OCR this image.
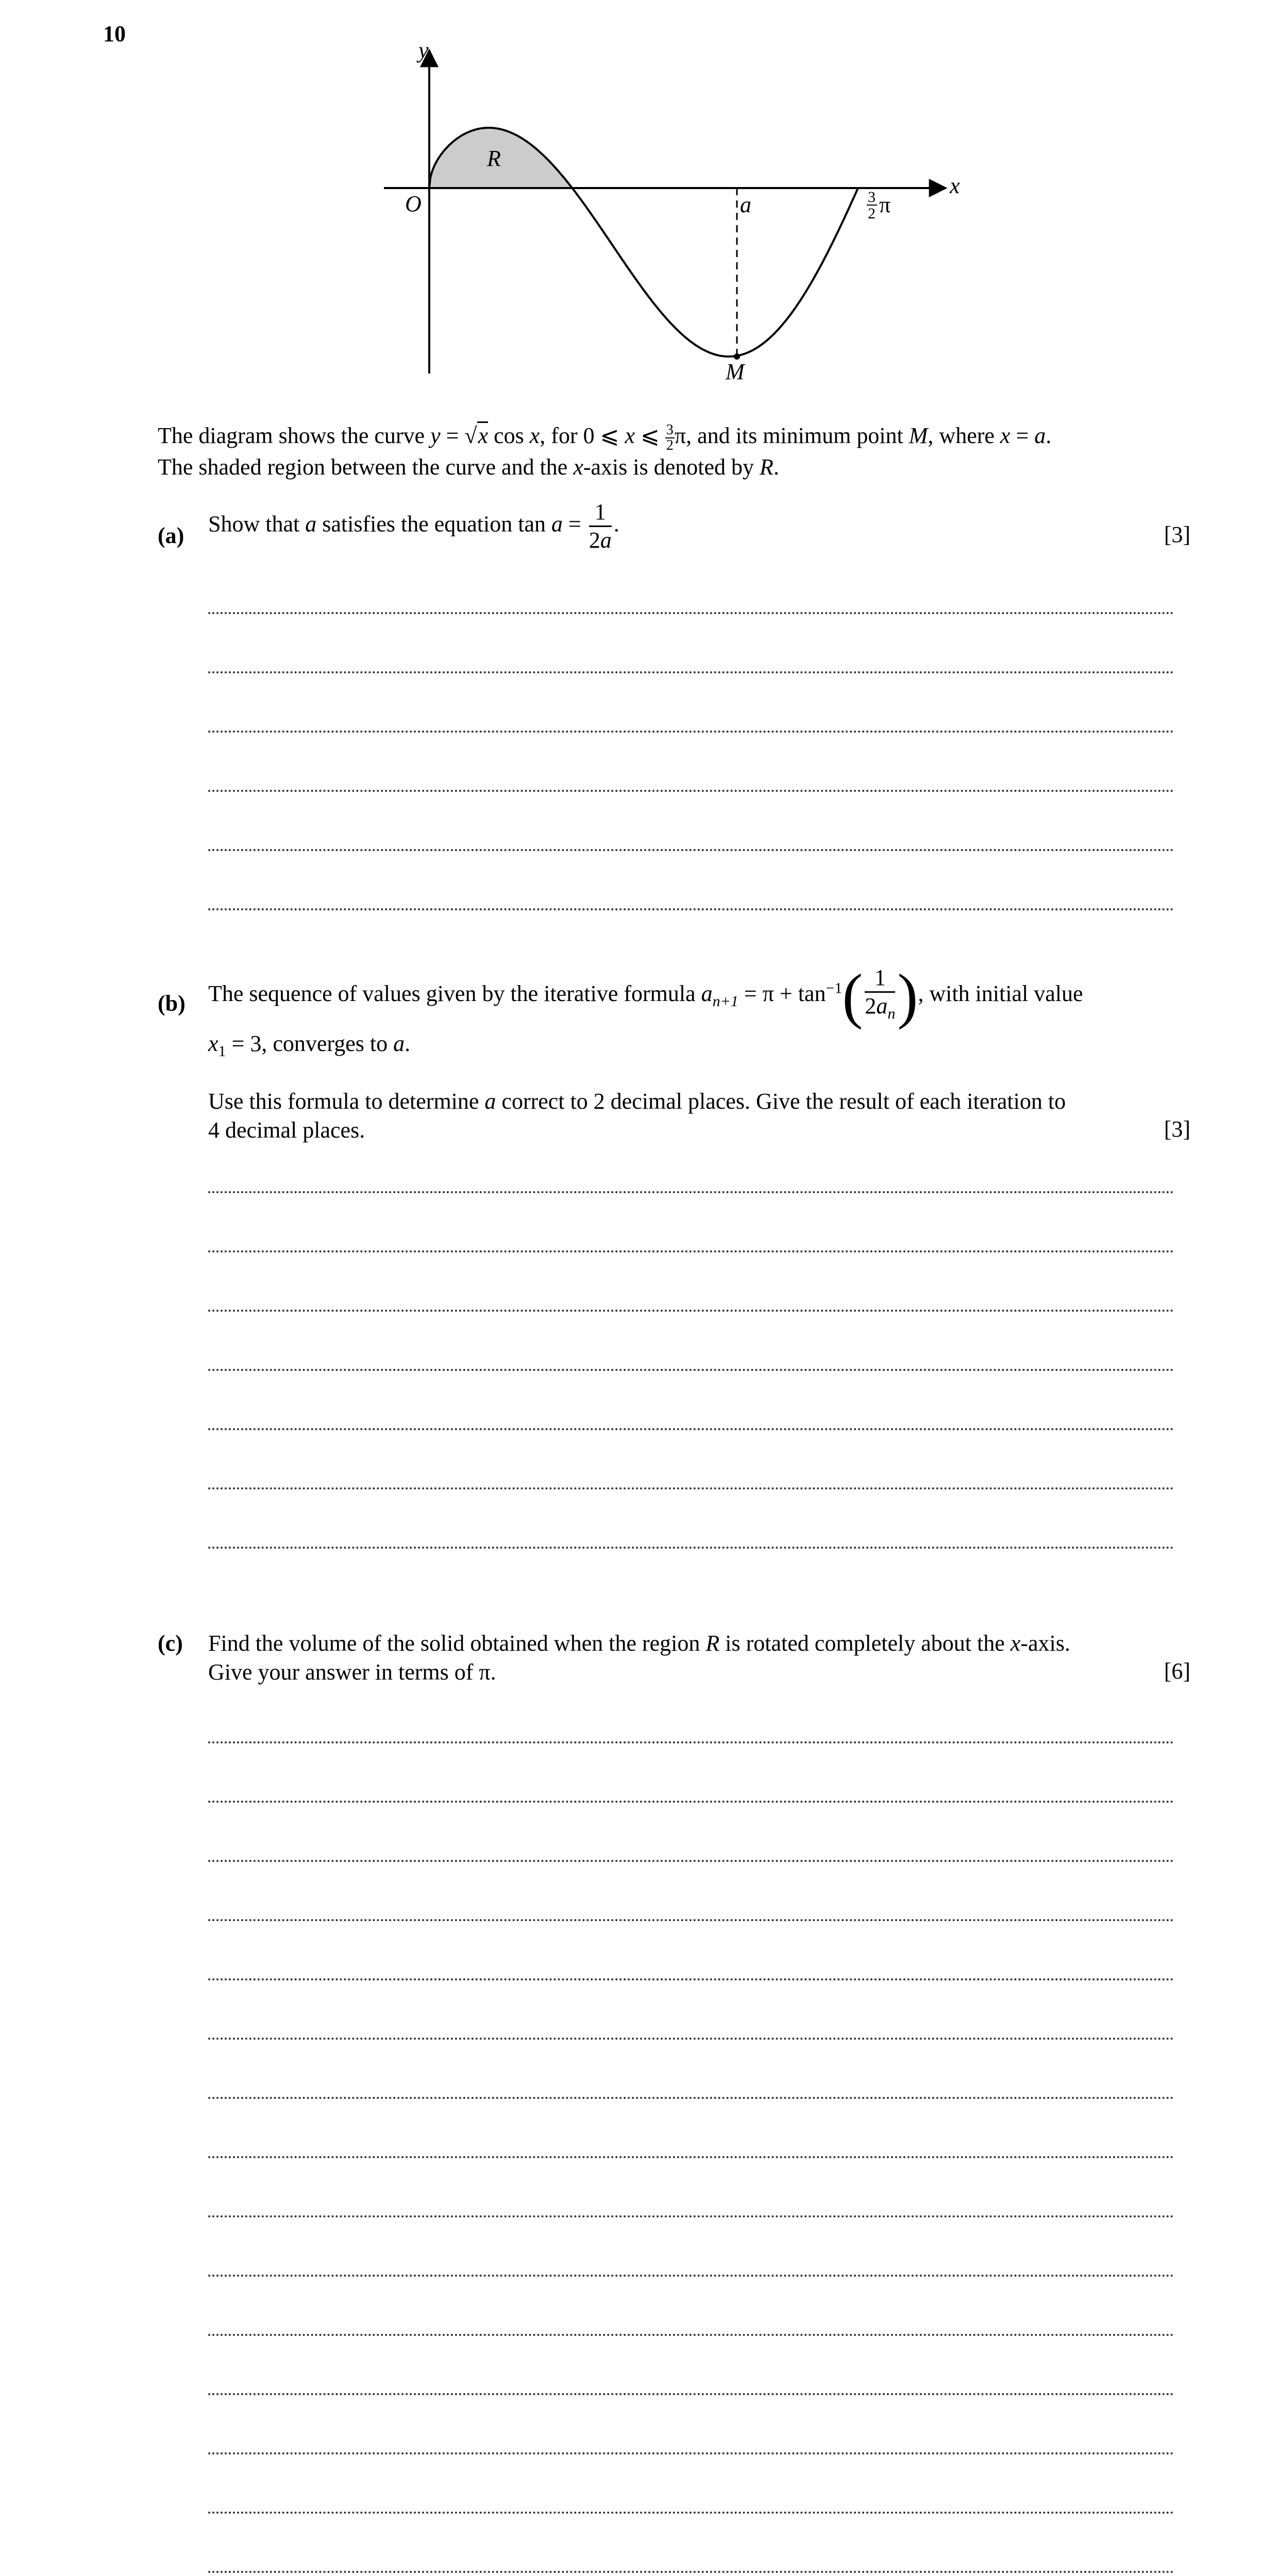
10
y
x
O
R
a
M
3
2 π
The diagram shows the curve y = √x cos x, for 0 ⩽ x ⩽ $\frac{3}{2} \pi$, and its minimum point M, where x = a.
The shaded region between the curve and the x-axis is denoted by R.
(a) Show that a satisfies the equation $\tan a = \frac{1}{2a}$ .	[3]
(b) The sequence of values given by the iterative formula $a_{n+1} = \pi + \tan^{-1}( \frac{1}{2a_n}$ ), with initial value
$x_1 = 3$, converges to a.
Use this formula to determine a correct to 2 decimal places. Give the result of each iteration to
4 decimal places.	[3]
(c) Find the volume of the solid obtained when the region R is rotated completely about the x-axis.
Give your answer in terms of π.	[6]
